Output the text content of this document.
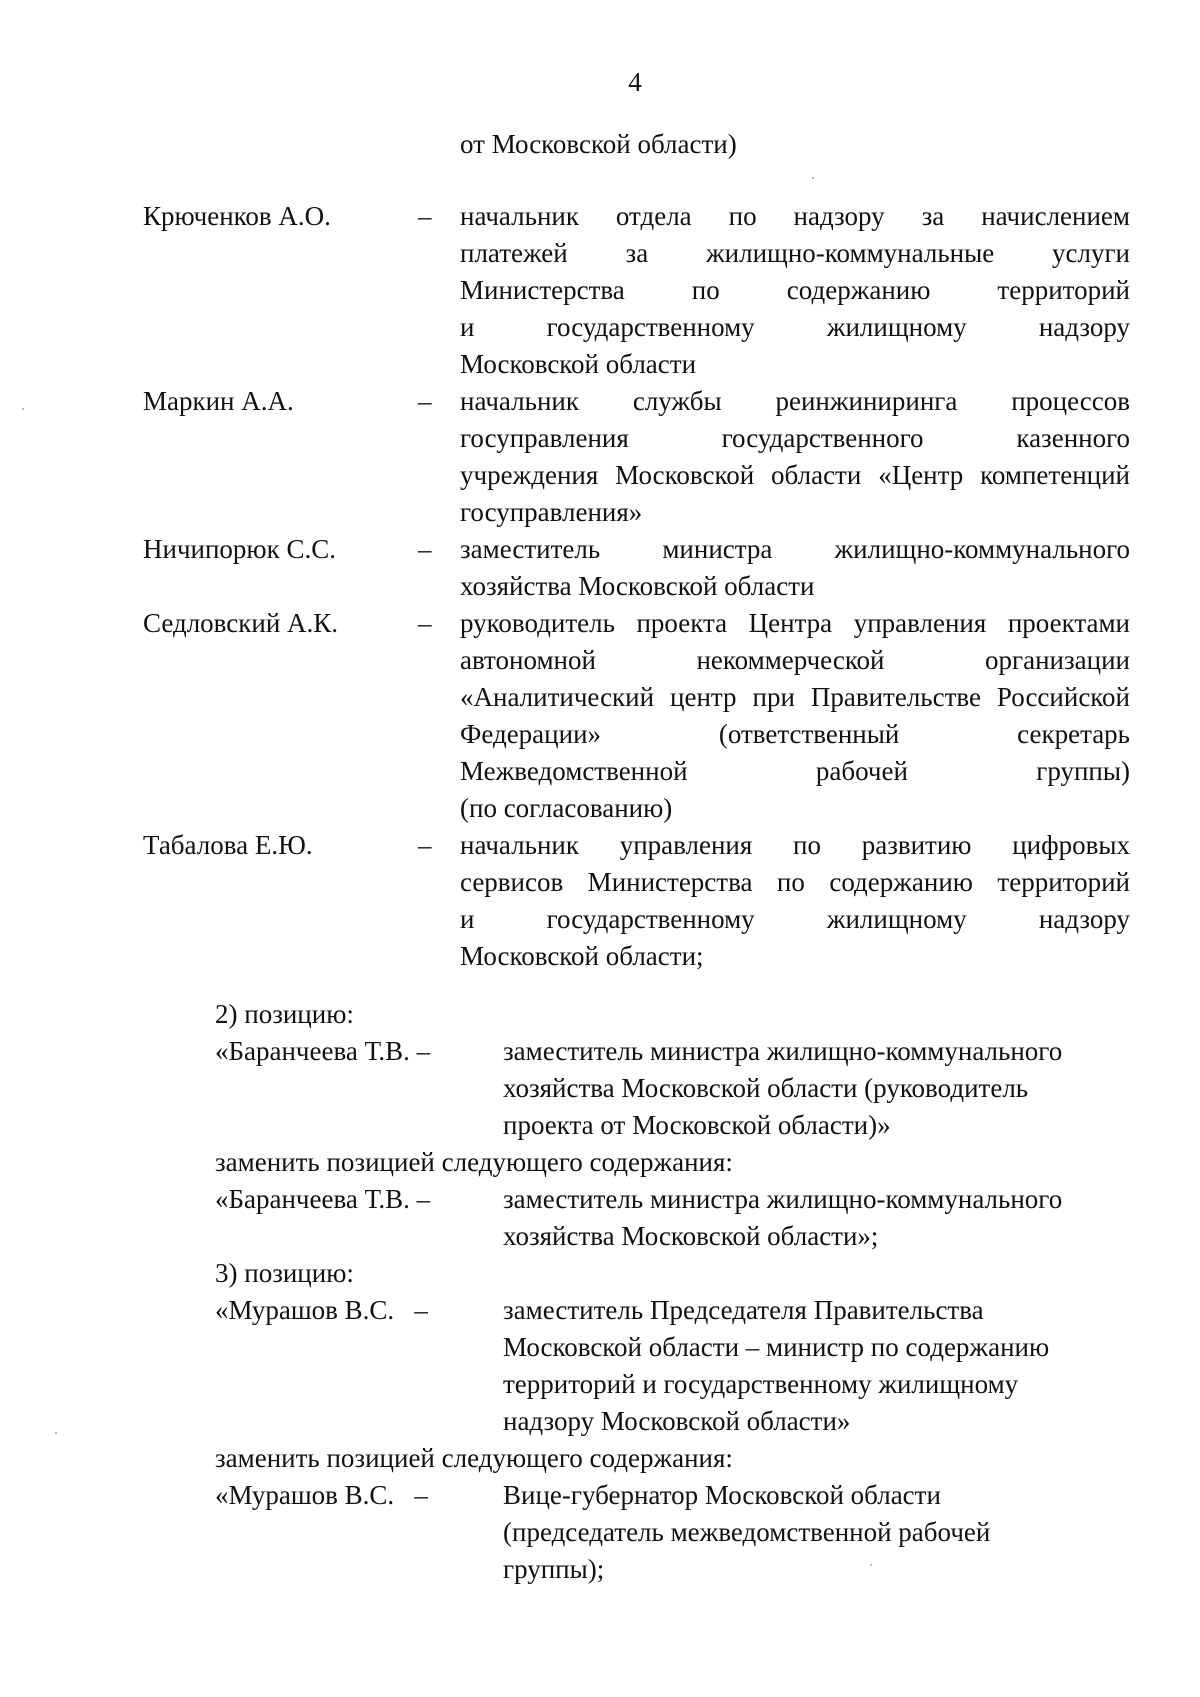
4
от Московской области)
Крюченков А.О.	–	начальник отдела по надзору за начислением
платежей за жилищно-коммунальные услуги
Министерства по содержанию территорий
и государственному жилищному надзору
Московской области
Маркин А.А.	–	начальник службы реинжиниринга процессов
госуправления государственного казенного
учреждения Московской области «Центр компетенций
госуправления»
Ничипорюк С.С.	–	заместитель министра жилищно-коммунального
хозяйства Московской области
Седловский А.К.	–	руководитель проекта Центра управления проектами
автономной некоммерческой организации
«Аналитический центр при Правительстве Российской
Федерации» (ответственный секретарь
Межведомственной рабочей группы)
(по согласованию)
Табалова Е.Ю.	–	начальник управления по развитию цифровых
сервисов Министерства по содержанию территорий
и государственному жилищному надзору
Московской области;
2) позицию:
«Баранчеева Т.В. –	заместитель министра жилищно-коммунального
хозяйства Московской области (руководитель
проекта от Московской области)»
заменить позицией следующего содержания:
«Баранчеева Т.В. –	заместитель министра жилищно-коммунального
хозяйства Московской области»;
3) позицию:
«Мурашов В.С.   –	заместитель Председателя Правительства
Московской области – министр по содержанию
территорий и государственному жилищному
надзору Московской области»
заменить позицией следующего содержания:
«Мурашов В.С.   –	Вице-губернатор Московской области
(председатель межведомственной рабочей
группы);
